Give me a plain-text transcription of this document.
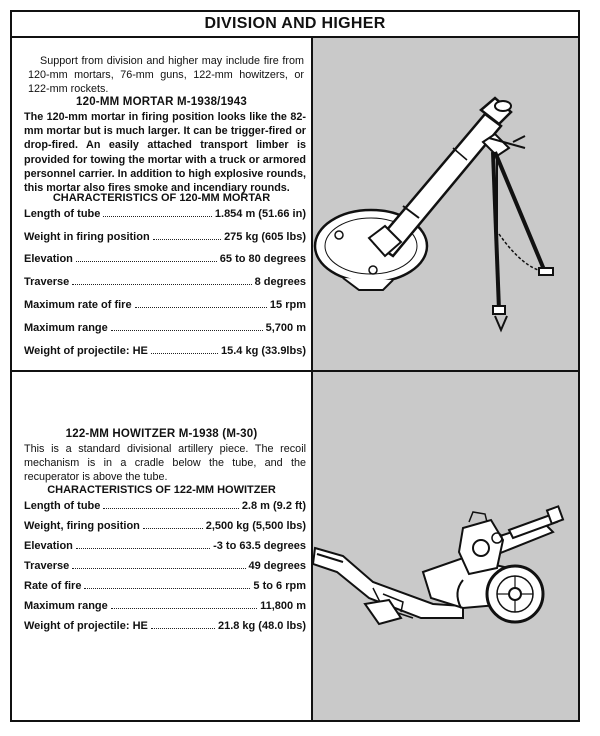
DIVISION AND HIGHER
Support from division and higher may include fire from 120-mm mortars, 76-mm guns, 122-mm howitzers, or 122-mm rockets.
120-MM MORTAR M-1938/1943
The 120-mm mortar in firing position looks like the 82-mm mortar but is much larger. It can be trigger-fired or drop-fired. An easily attached transport limber is provided for towing the mortar with a truck or armored personnel carrier. In addition to high explosive rounds, this mortar also fires smoke and incendiary rounds.
CHARACTERISTICS OF 120-MM MORTAR
Length of tube	1.854 m (51.66 in)
Weight in firing position	275 kg (605 lbs)
Elevation	65 to 80 degrees
Traverse	8 degrees
Maximum rate of fire	15 rpm
Maximum range	5,700 m
Weight of projectile: HE	15.4 kg (33.9lbs)
122-MM HOWITZER M-1938 (M-30)
This is a standard divisional artillery piece. The recoil mechanism is in a cradle below the tube, and the recuperator is above the tube.
CHARACTERISTICS OF 122-MM HOWITZER
Length of tube	2.8 m (9.2 ft)
Weight, firing position	2,500 kg (5,500 lbs)
Elevation	-3 to 63.5 degrees
Traverse	49 degrees
Rate of fire	5 to 6 rpm
Maximum range	11,800 m
Weight of projectile: HE	21.8 kg (48.0 lbs)
